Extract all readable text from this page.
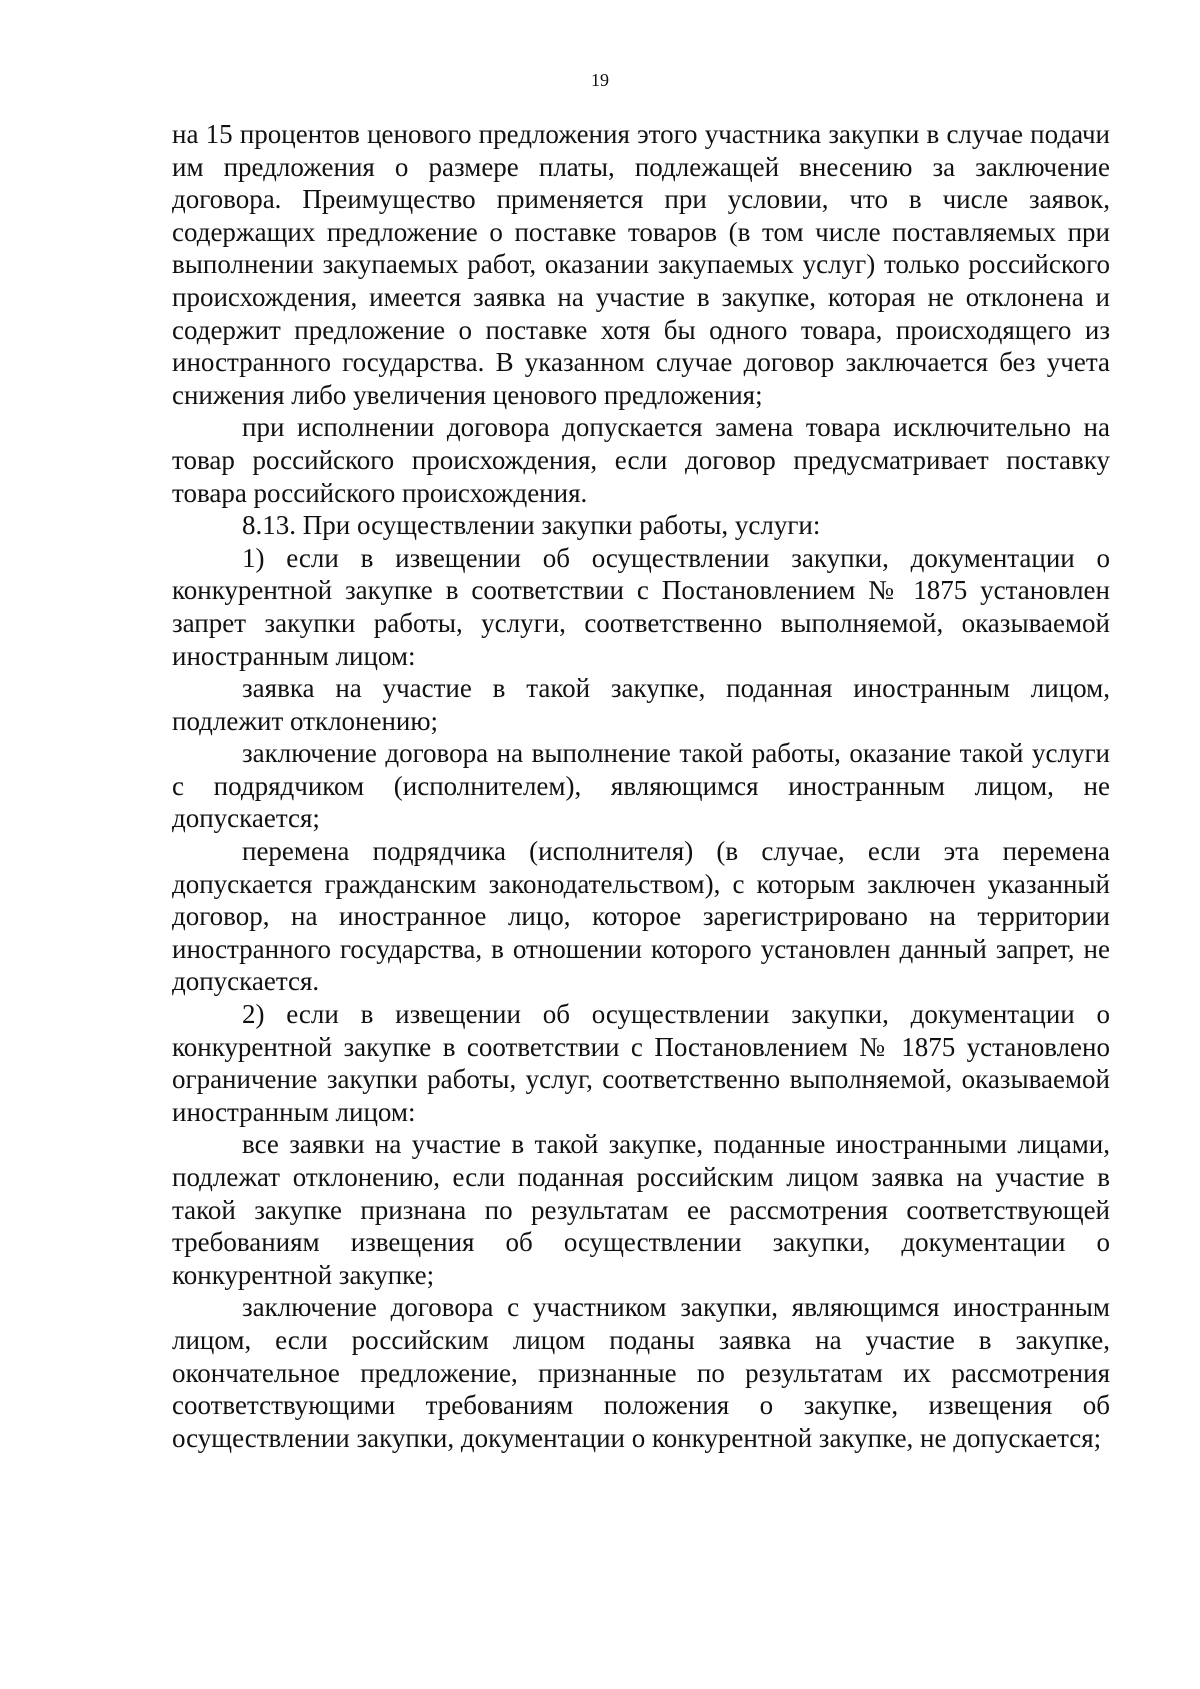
19

на 15 процентов ценового предложения этого участника закупки в случае подачи им предложения о размере платы, подлежащей внесению за заключение договора. Преимущество применяется при условии, что в числе заявок, содержащих предложение о поставке товаров (в том числе поставляемых при выполнении закупаемых работ, оказании закупаемых услуг) только российского происхождения, имеется заявка на участие в закупке, которая не отклонена и содержит предложение о поставке хотя бы одного товара, происходящего из иностранного государства. В указанном случае договор заключается без учета снижения либо увеличения ценового предложения;

при исполнении договора допускается замена товара исключительно на товар российского происхождения, если договор предусматривает поставку товара российского происхождения.

8.13. При осуществлении закупки работы, услуги:

1) если в извещении об осуществлении закупки, документации о конкурентной закупке в соответствии с Постановлением № 1875 установлен запрет закупки работы, услуги, соответственно выполняемой, оказываемой иностранным лицом:

заявка на участие в такой закупке, поданная иностранным лицом, подлежит отклонению;

заключение договора на выполнение такой работы, оказание такой услуги с подрядчиком (исполнителем), являющимся иностранным лицом, не допускается;

перемена подрядчика (исполнителя) (в случае, если эта перемена допускается гражданским законодательством), с которым заключен указанный договор, на иностранное лицо, которое зарегистрировано на территории иностранного государства, в отношении которого установлен данный запрет, не допускается.

2) если в извещении об осуществлении закупки, документации о конкурентной закупке в соответствии с Постановлением № 1875 установлено ограничение закупки работы, услуг, соответственно выполняемой, оказываемой иностранным лицом:

все заявки на участие в такой закупке, поданные иностранными лицами, подлежат отклонению, если поданная российским лицом заявка на участие в такой закупке признана по результатам ее рассмотрения соответствующей требованиям извещения об осуществлении закупки, документации о конкурентной закупке;

заключение договора с участником закупки, являющимся иностранным лицом, если российским лицом поданы заявка на участие в закупке, окончательное предложение, признанные по результатам их рассмотрения соответствующими требованиям положения о закупке, извещения об осуществлении закупки, документации о конкурентной закупке, не допускается;
